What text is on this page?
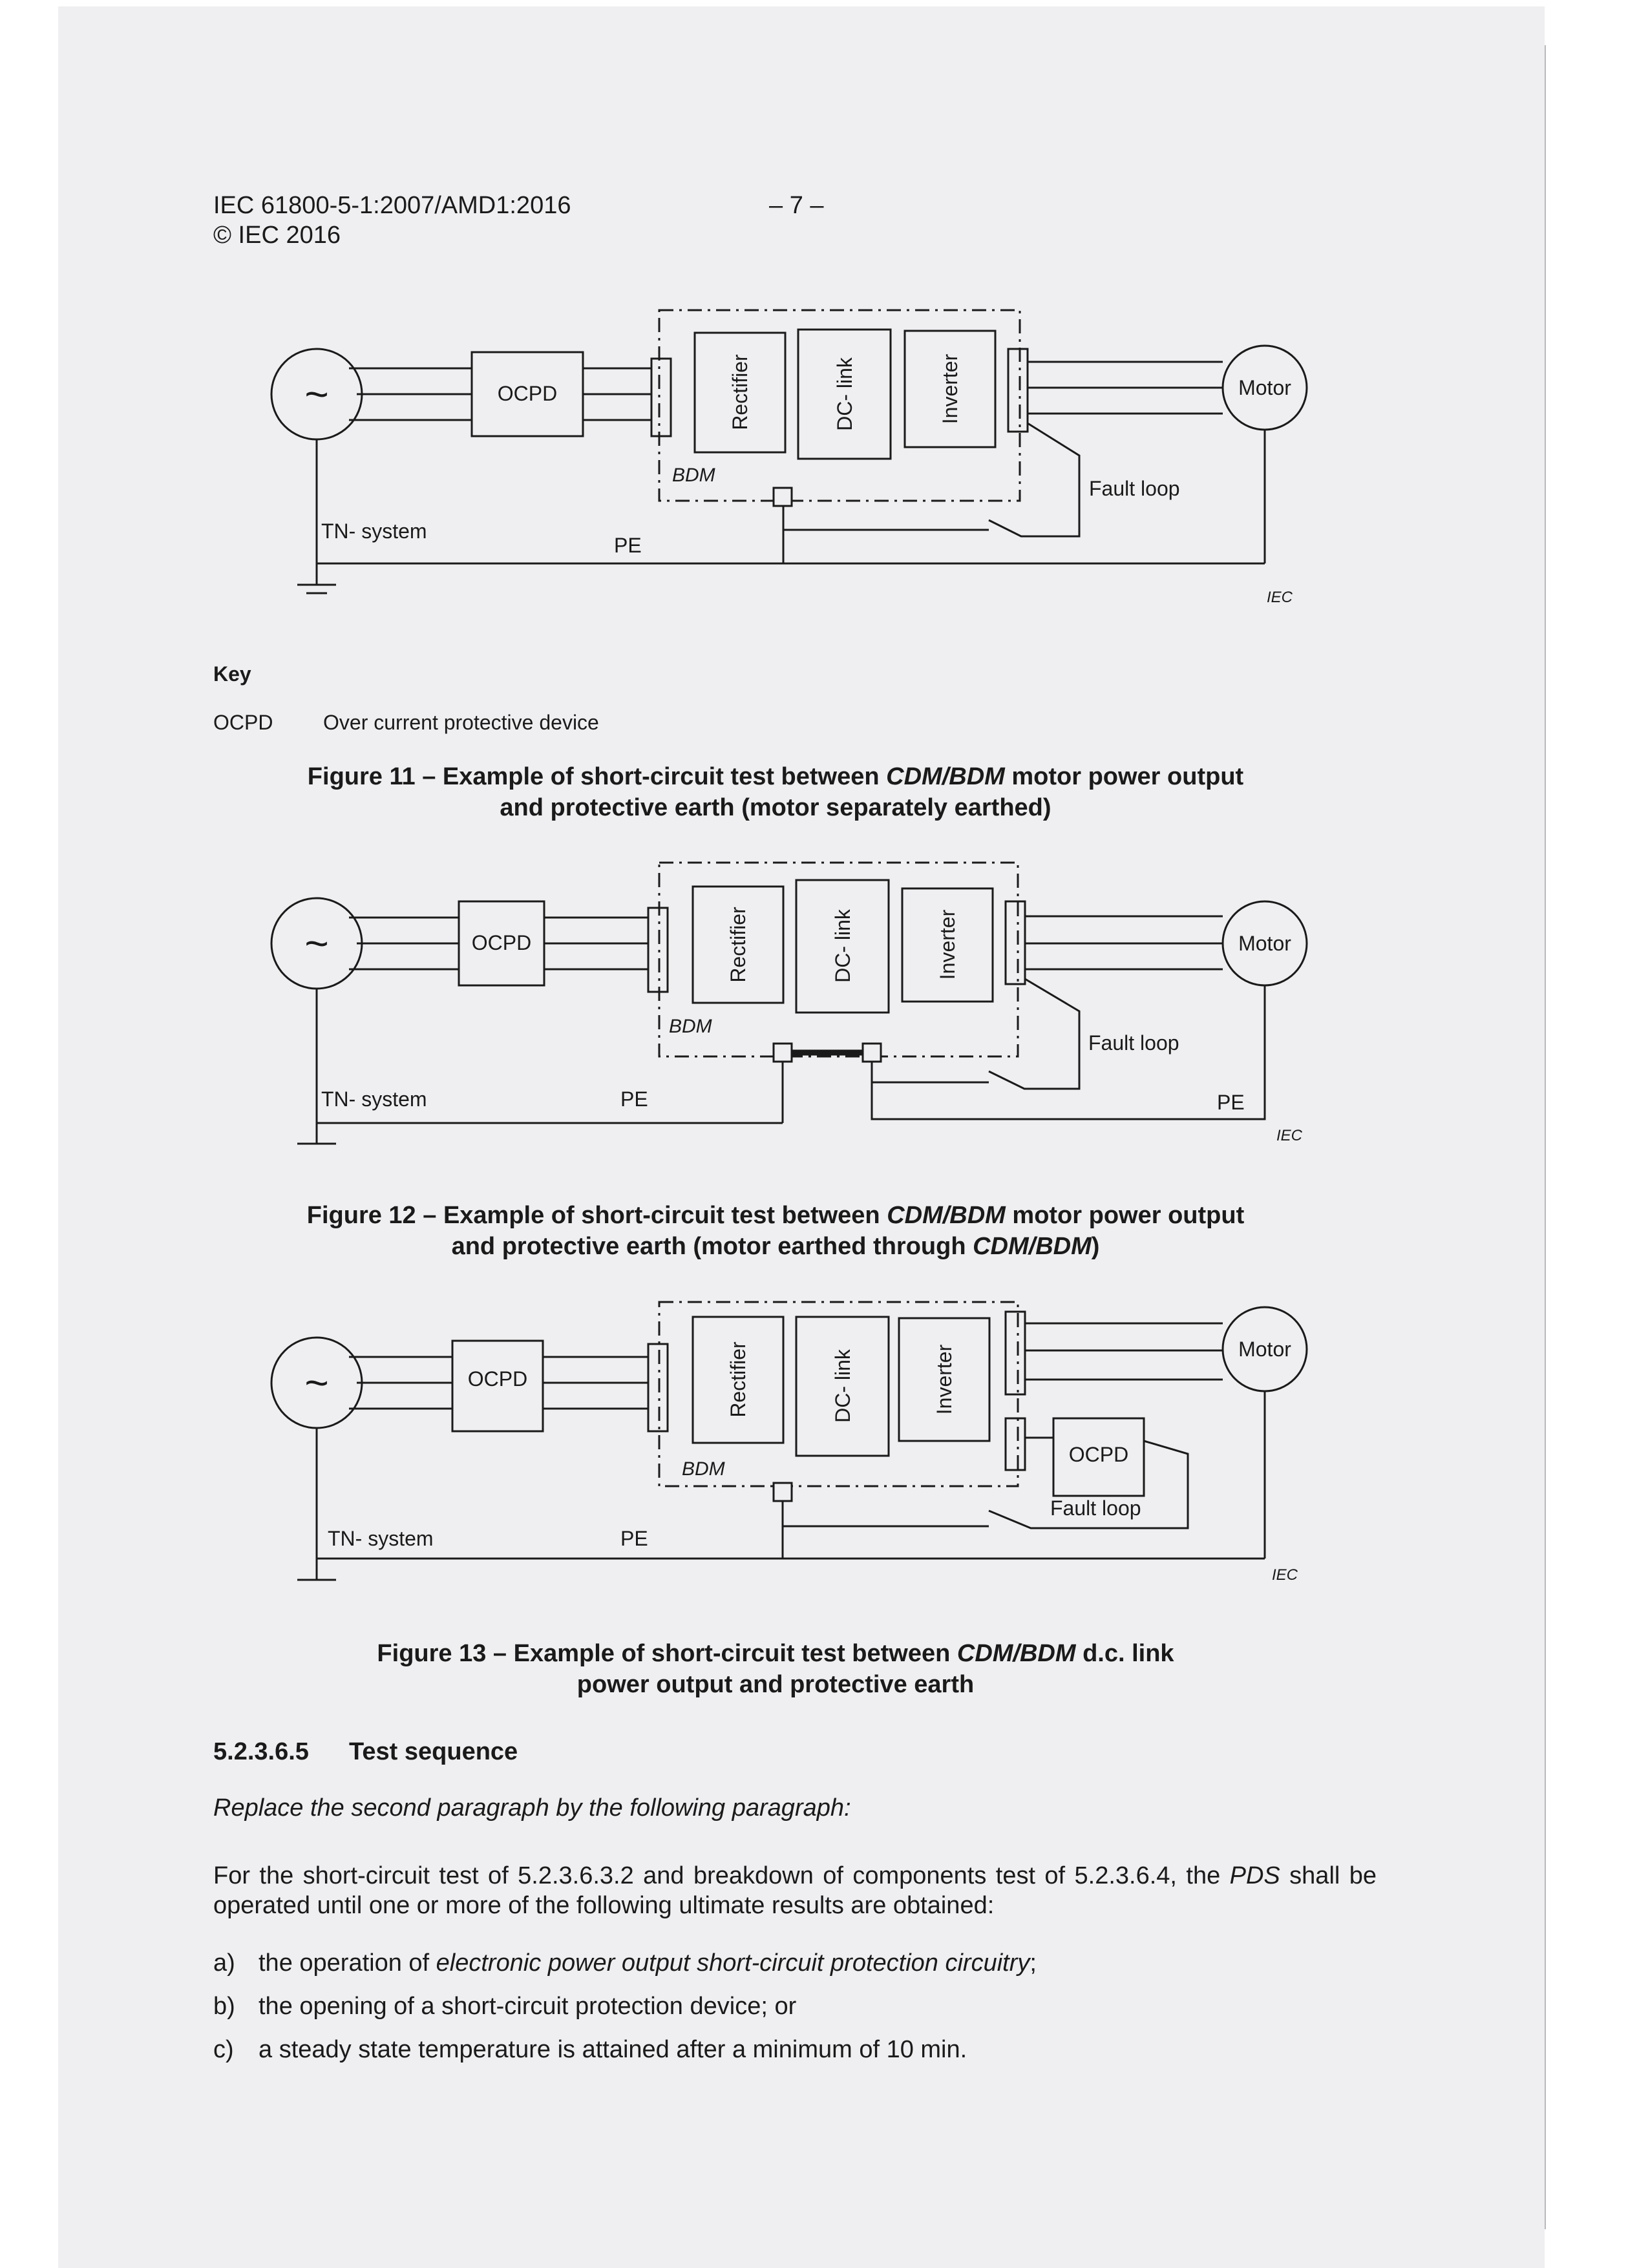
IEC 61800-5-1:2007/AMD1:2016
© IEC 2016
– 7 –
~	OCPD	Rectifier	DC- link	Inverter	Motor
BDM
Fault loop
TN- system
PE
IEC
Key
OCPD Over current protective device
Figure 11 – Example of short-circuit test between CDM/BDM motor power output
and protective earth (motor separately earthed)
~	OCPD	Rectifier	DC- link	Inverter	Motor
BDM
Fault loop
TN- system	PE	PE
IEC
Figure 12 – Example of short-circuit test between CDM/BDM motor power output
and protective earth (motor earthed through CDM/BDM)
~	OCPD	Rectifier	DC- link	Inverter	Motor
OCPD
Fault loop
BDM
TN- system	PE
IEC
Figure 13 – Example of short-circuit test between CDM/BDM d.c. link
power output and protective earth
5.2.3.6.5 Test sequence
Replace the second paragraph by the following paragraph:
For the short-circuit test of 5.2.3.6.3.2 and breakdown of components test of 5.2.3.6.4, the PDS shall be operated until one or more of the following ultimate results are obtained:
a) the operation of electronic power output short-circuit protection circuitry;
b) the opening of a short-circuit protection device; or
c) a steady state temperature is attained after a minimum of 10 min.
